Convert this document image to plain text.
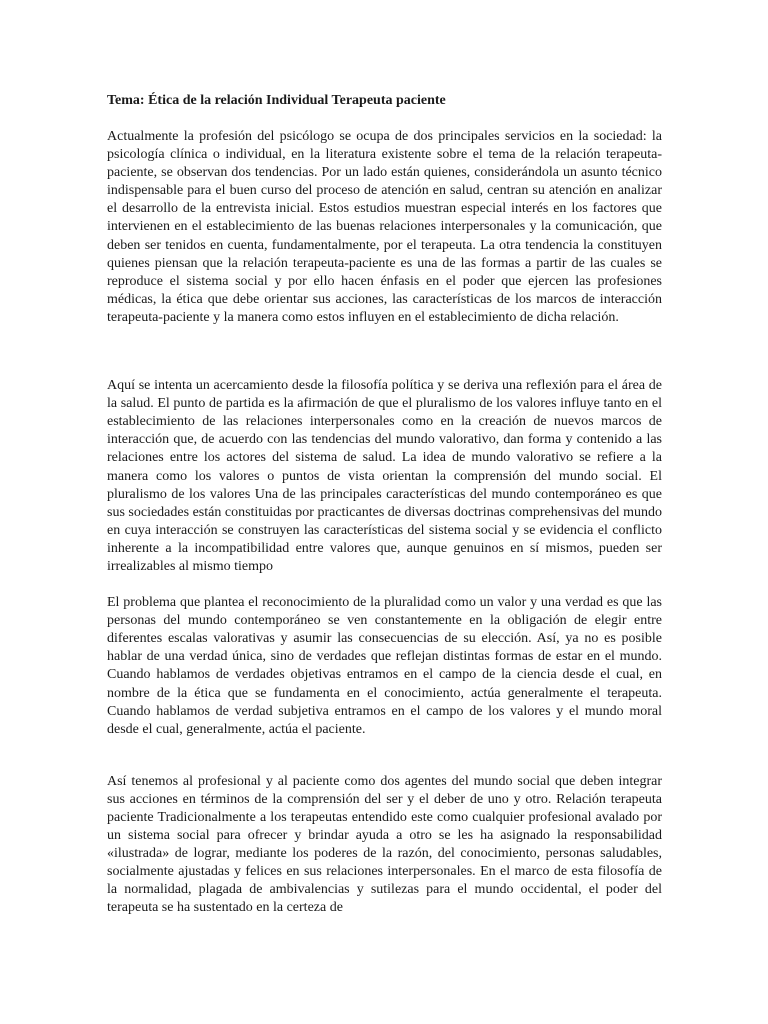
Tema: Ética de la relación Individual Terapeuta paciente

Actualmente la profesión del psicólogo se ocupa de dos principales servicios en la sociedad: la psicología clínica o individual, en la literatura existente sobre el tema de la relación terapeuta-paciente, se observan dos tendencias. Por un lado están quienes, considerándola un asunto técnico indispensable para el buen curso del proceso de atención en salud, centran su atención en analizar el desarrollo de la entrevista inicial. Estos estudios muestran especial interés en los factores que intervienen en el establecimiento de las buenas relaciones interpersonales y la comunicación, que deben ser tenidos en cuenta, fundamentalmente, por el terapeuta. La otra tendencia la constituyen quienes piensan que la relación terapeuta-paciente es una de las formas a partir de las cuales se reproduce el sistema social y por ello hacen énfasis en el poder que ejercen las profesiones médicas, la ética que debe orientar sus acciones, las características de los marcos de interacción terapeuta-paciente y la manera como estos influyen en el establecimiento de dicha relación.

Aquí se intenta un acercamiento desde la filosofía política y se deriva una reflexión para el área de la salud. El punto de partida es la afirmación de que el pluralismo de los valores influye tanto en el establecimiento de las relaciones interpersonales como en la creación de nuevos marcos de interacción que, de acuerdo con las tendencias del mundo valorativo, dan forma y contenido a las relaciones entre los actores del sistema de salud. La idea de mundo valorativo se refiere a la manera como los valores o puntos de vista orientan la comprensión del mundo social. El pluralismo de los valores Una de las principales características del mundo contemporáneo es que sus sociedades están constituidas por practicantes de diversas doctrinas comprehensivas del mundo en cuya interacción se construyen las características del sistema social y se evidencia el conflicto inherente a la incompatibilidad entre valores que, aunque genuinos en sí mismos, pueden ser irrealizables al mismo tiempo

El problema que plantea el reconocimiento de la pluralidad como un valor y una verdad es que las personas del mundo contemporáneo se ven constantemente en la obligación de elegir entre diferentes escalas valorativas y asumir las consecuencias de su elección. Así, ya no es posible hablar de una verdad única, sino de verdades que reflejan distintas formas de estar en el mundo. Cuando hablamos de verdades objetivas entramos en el campo de la ciencia desde el cual, en nombre de la ética que se fundamenta en el conocimiento, actúa generalmente el terapeuta. Cuando hablamos de verdad subjetiva entramos en el campo de los valores y el mundo moral desde el cual, generalmente, actúa el paciente.

Así tenemos al profesional y al paciente como dos agentes del mundo social que deben integrar sus acciones en términos de la comprensión del ser y el deber de uno y otro. Relación terapeuta paciente Tradicionalmente a los terapeutas entendido este como cualquier profesional avalado por un sistema social para ofrecer y brindar ayuda a otro se les ha asignado la responsabilidad «ilustrada» de lograr, mediante los poderes de la razón, del conocimiento, personas saludables, socialmente ajustadas y felices en sus relaciones interpersonales. En el marco de esta filosofía de la normalidad, plagada de ambivalencias y sutilezas para el mundo occidental, el poder del terapeuta se ha sustentado en la certeza de
